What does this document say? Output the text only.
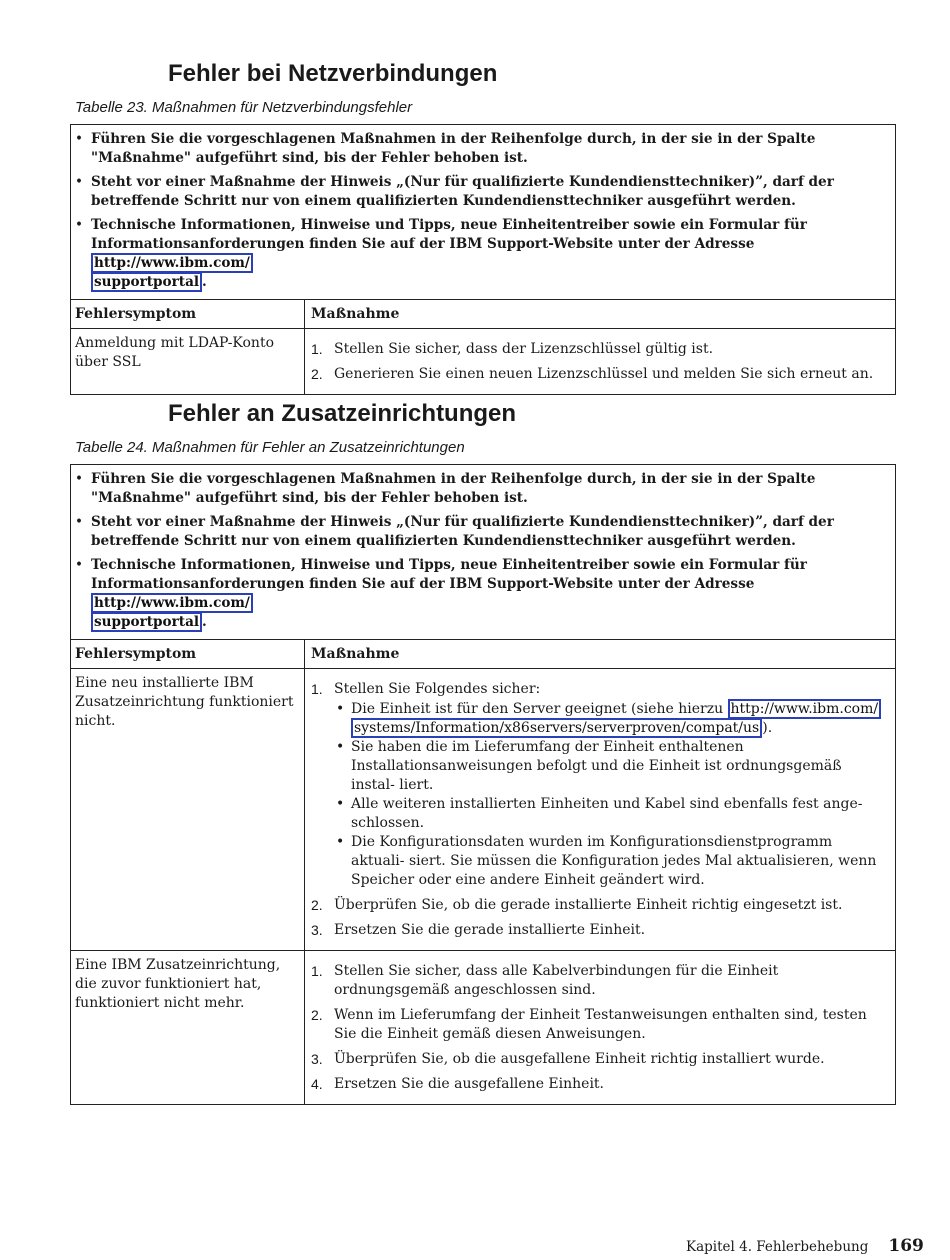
Fehler bei Netzverbindungen
Tabelle 23. Maßnahmen für Netzverbindungsfehler
• Führen Sie die vorgeschlagenen Maßnahmen in der Reihenfolge durch, in der sie in der Spalte "Maßnahme" aufgeführt sind, bis der Fehler behoben ist.
• Steht vor einer Maßnahme der Hinweis „(Nur für qualifizierte Kundendiensttechniker)”, darf der betreffende Schritt nur von einem qualifizierten Kundendiensttechniker ausgeführt werden.
• Technische Informationen, Hinweise und Tipps, neue Einheitentreiber sowie ein Formular für Informationsanforderungen finden Sie auf der IBM Support-Website unter der Adresse http://www.ibm.com/
supportportal .
Fehlersymptom	Maßnahme
Anmeldung mit LDAP-Konto über SSL
1. Stellen Sie sicher, dass der Lizenzschlüssel gültig ist.
2. Generieren Sie einen neuen Lizenzschlüssel und melden Sie sich erneut an.
Fehler an Zusatzeinrichtungen
Tabelle 24. Maßnahmen für Fehler an Zusatzeinrichtungen
• Führen Sie die vorgeschlagenen Maßnahmen in der Reihenfolge durch, in der sie in der Spalte "Maßnahme" aufgeführt sind, bis der Fehler behoben ist.
• Steht vor einer Maßnahme der Hinweis „(Nur für qualifizierte Kundendiensttechniker)”, darf der betreffende Schritt nur von einem qualifizierten Kundendiensttechniker ausgeführt werden.
• Technische Informationen, Hinweise und Tipps, neue Einheitentreiber sowie ein Formular für Informationsanforderungen finden Sie auf der IBM Support-Website unter der Adresse http://www.ibm.com/
supportportal .
Fehlersymptom	Maßnahme
Eine neu installierte IBM Zusatzeinrichtung funktioniert nicht.
1. Stellen Sie Folgendes sicher:
• Die Einheit ist für den Server geeignet (siehe hierzu http://www.ibm.com/
systems/Information/x86servers/serverproven/compat/us ).
• Sie haben die im Lieferumfang der Einheit enthaltenen Installationsanweisungen befolgt und die Einheit ist ordnungsgemäß instal- liert.
• Alle weiteren installierten Einheiten und Kabel sind ebenfalls fest ange- schlossen.
• Die Konfigurationsdaten wurden im Konfigurationsdienstprogramm aktuali- siert. Sie müssen die Konfiguration jedes Mal aktualisieren, wenn Speicher oder eine andere Einheit geändert wird.
2. Überprüfen Sie, ob die gerade installierte Einheit richtig eingesetzt ist.
3. Ersetzen Sie die gerade installierte Einheit.
Eine IBM Zusatzeinrichtung, die zuvor funktioniert hat, funktioniert nicht mehr.
1. Stellen Sie sicher, dass alle Kabelverbindungen für die Einheit ordnungsgemäß angeschlossen sind.
2. Wenn im Lieferumfang der Einheit Testanweisungen enthalten sind, testen Sie die Einheit gemäß diesen Anweisungen.
3. Überprüfen Sie, ob die ausgefallene Einheit richtig installiert wurde.
4. Ersetzen Sie die ausgefallene Einheit.
Kapitel 4. Fehlerbehebung 169
